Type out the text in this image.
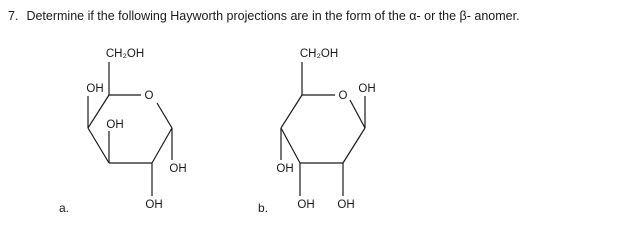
7. Determine if the following Hayworth projections are in the form of the α- or the β- anomer.
CH₂OH
O
OH
OH
OH
OH
a.
CH₂OH
O
OH
OH
OH OH
b.
